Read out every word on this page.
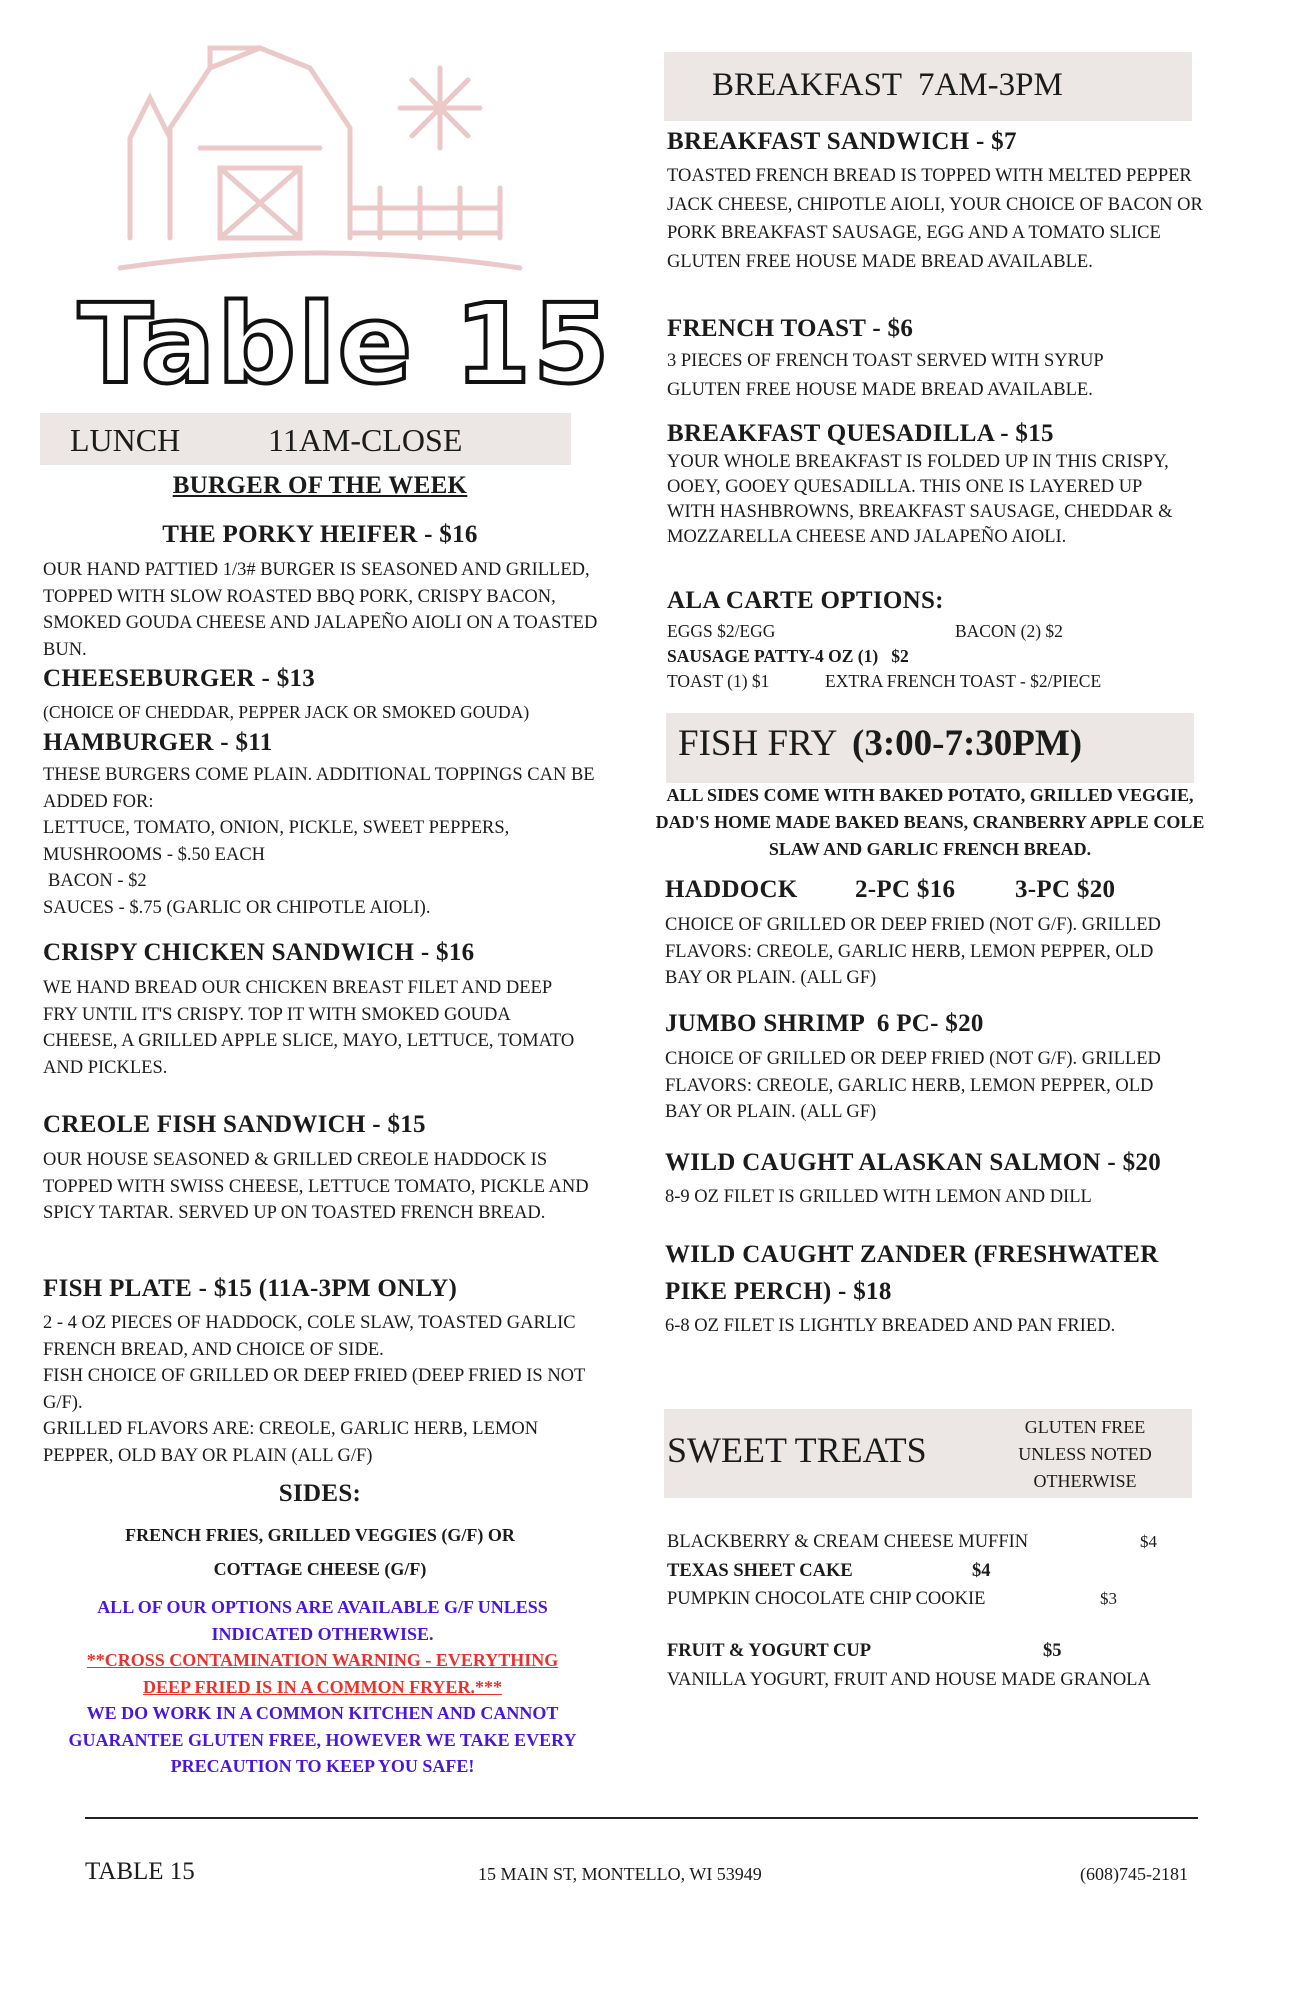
Table 15
LUNCH	11AM-CLOSE
BURGER OF THE WEEK
THE PORKY HEIFER - $16
OUR HAND PATTIED 1/3# BURGER IS SEASONED AND GRILLED, TOPPED WITH SLOW ROASTED BBQ PORK, CRISPY BACON, SMOKED GOUDA CHEESE AND JALAPEÑO AIOLI ON A TOASTED BUN.
CHEESEBURGER - $13
(CHOICE OF CHEDDAR, PEPPER JACK OR SMOKED GOUDA)
HAMBURGER - $11
THESE BURGERS COME PLAIN. ADDITIONAL TOPPINGS CAN BE ADDED FOR:
LETTUCE, TOMATO, ONION, PICKLE, SWEET PEPPERS, MUSHROOMS - $.50 EACH
BACON - $2
SAUCES - $.75 (GARLIC OR CHIPOTLE AIOLI).
CRISPY CHICKEN SANDWICH - $16
WE HAND BREAD OUR CHICKEN BREAST FILET AND DEEP FRY UNTIL IT'S CRISPY. TOP IT WITH SMOKED GOUDA CHEESE, A GRILLED APPLE SLICE, MAYO, LETTUCE, TOMATO AND PICKLES.
CREOLE FISH SANDWICH - $15
OUR HOUSE SEASONED & GRILLED CREOLE HADDOCK IS TOPPED WITH SWISS CHEESE, LETTUCE TOMATO, PICKLE AND SPICY TARTAR. SERVED UP ON TOASTED FRENCH BREAD.
FISH PLATE - $15 (11A-3PM ONLY)
2 - 4 OZ PIECES OF HADDOCK, COLE SLAW, TOASTED GARLIC FRENCH BREAD, AND CHOICE OF SIDE.
FISH CHOICE OF GRILLED OR DEEP FRIED (DEEP FRIED IS NOT G/F).
GRILLED FLAVORS ARE: CREOLE, GARLIC HERB, LEMON PEPPER, OLD BAY OR PLAIN (ALL G/F)
SIDES:
FRENCH FRIES, GRILLED VEGGIES (G/F) OR
COTTAGE CHEESE (G/F)
ALL OF OUR OPTIONS ARE AVAILABLE G/F UNLESS INDICATED OTHERWISE.
**CROSS CONTAMINATION WARNING - EVERYTHING DEEP FRIED IS IN A COMMON FRYER.***
WE DO WORK IN A COMMON KITCHEN AND CANNOT GUARANTEE GLUTEN FREE, HOWEVER WE TAKE EVERY PRECAUTION TO KEEP YOU SAFE!
BREAKFAST  7AM-3PM
BREAKFAST SANDWICH - $7
TOASTED FRENCH BREAD IS TOPPED WITH MELTED PEPPER JACK CHEESE, CHIPOTLE AIOLI, YOUR CHOICE OF BACON OR PORK BREAKFAST SAUSAGE, EGG AND A TOMATO SLICE
GLUTEN FREE HOUSE MADE BREAD AVAILABLE.
FRENCH TOAST - $6
3 PIECES OF FRENCH TOAST SERVED WITH SYRUP
GLUTEN FREE HOUSE MADE BREAD AVAILABLE.
BREAKFAST QUESADILLA - $15
YOUR WHOLE BREAKFAST IS FOLDED UP IN THIS CRISPY, OOEY, GOOEY QUESADILLA. THIS ONE IS LAYERED UP WITH HASHBROWNS, BREAKFAST SAUSAGE, CHEDDAR & MOZZARELLA CHEESE AND JALAPEÑO AIOLI.
ALA CARTE OPTIONS:
EGGS $2/EGG	BACON (2) $2
SAUSAGE PATTY-4 OZ (1)   $2
TOAST (1) $1	EXTRA FRENCH TOAST - $2/PIECE
FISH FRY (3:00-7:30PM)
ALL SIDES COME WITH BAKED POTATO, GRILLED VEGGIE, DAD'S HOME MADE BAKED BEANS, CRANBERRY APPLE COLE SLAW AND GARLIC FRENCH BREAD.
HADDOCK 2-PC $16 3-PC $20
CHOICE OF GRILLED OR DEEP FRIED (NOT G/F). GRILLED FLAVORS: CREOLE, GARLIC HERB, LEMON PEPPER, OLD BAY OR PLAIN. (ALL GF)
JUMBO SHRIMP  6 PC- $20
CHOICE OF GRILLED OR DEEP FRIED (NOT G/F). GRILLED FLAVORS: CREOLE, GARLIC HERB, LEMON PEPPER, OLD BAY OR PLAIN. (ALL GF)
WILD CAUGHT ALASKAN SALMON - $20
8-9 OZ FILET IS GRILLED WITH LEMON AND DILL
WILD CAUGHT ZANDER (FRESHWATER
PIKE PERCH) - $18
6-8 OZ FILET IS LIGHTLY BREADED AND PAN FRIED.
SWEET TREATS
GLUTEN FREE UNLESS NOTED OTHERWISE
BLACKBERRY & CREAM CHEESE MUFFIN	$4
TEXAS SHEET CAKE	$4
PUMPKIN CHOCOLATE CHIP COOKIE	$3
FRUIT & YOGURT CUP	$5
VANILLA YOGURT, FRUIT AND HOUSE MADE GRANOLA
TABLE 15	15 MAIN ST, MONTELLO, WI 53949	(608)745-2181
